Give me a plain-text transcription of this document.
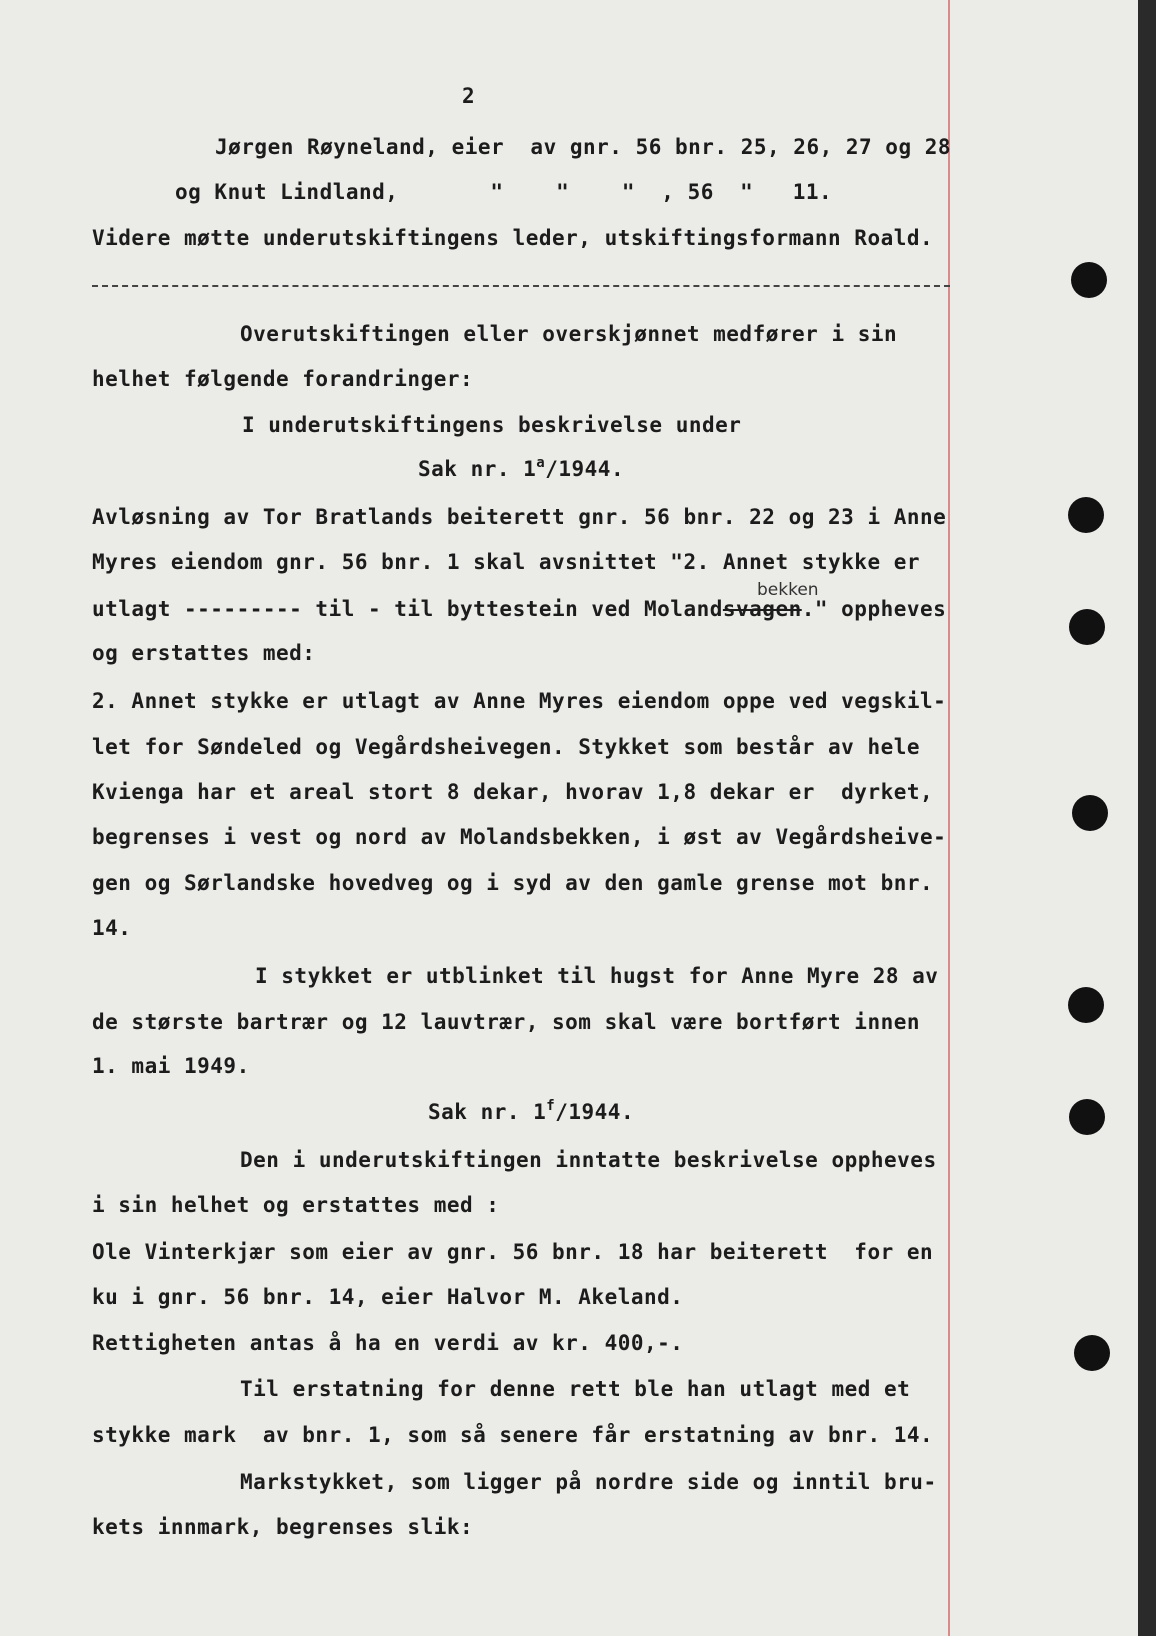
2
Jørgen Røyneland, eier  av gnr. 56 bnr. 25, 26, 27 og 28
og Knut Lindland,       "    "    "  , 56  "   11.
Videre møtte underutskiftingens leder, utskiftingsformann Roald.
Overutskiftingen eller overskjønnet medfører i sin
helhet følgende forandringer:
I underutskiftingens beskrivelse under
Sak nr. 1$^a$/1944.
Avløsning av Tor Bratlands beiterett gnr. 56 bnr. 22 og 23 i Anne
Myres eiendom gnr. 56 bnr. 1 skal avsnittet "2. Annet stykke er
bekken
utlagt --------- til - til byttestein ved Molandsvagen." oppheves
og erstattes med:
2. Annet stykke er utlagt av Anne Myres eiendom oppe ved vegskil-
let for Søndeled og Vegårdsheivegen. Stykket som består av hele
Kvienga har et areal stort 8 dekar, hvorav 1,8 dekar er  dyrket,
begrenses i vest og nord av Molandsbekken, i øst av Vegårdsheive-
gen og Sørlandske hovedveg og i syd av den gamle grense mot bnr.
14.
I stykket er utblinket til hugst for Anne Myre 28 av
de største bartrær og 12 lauvtrær, som skal være bortført innen
1. mai 1949.
Sak nr. 1$^f$/1944.
Den i underutskiftingen inntatte beskrivelse oppheves
i sin helhet og erstattes med :
Ole Vinterkjær som eier av gnr. 56 bnr. 18 har beiterett  for en
ku i gnr. 56 bnr. 14, eier Halvor M. Akeland.
Rettigheten antas å ha en verdi av kr. 400,-.
Til erstatning for denne rett ble han utlagt med et
stykke mark  av bnr. 1, som så senere får erstatning av bnr. 14.
Markstykket, som ligger på nordre side og inntil bru-
kets innmark, begrenses slik:
